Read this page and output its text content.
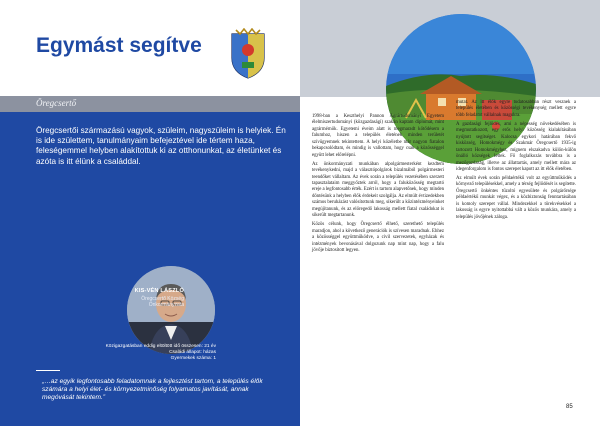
Egymást segítve
Öregcsertő

Öregcsertői származású vagyok, szüleim, nagyszüleim is helyiek. Én is ide születtem, tanulmányaim befejeztével ide tértem haza, feleségemmel helyben alakítottuk ki az otthonunkat, az életünket és azóta is itt élünk a családdal.

KIS-VÉN LÁSZLÓ
Öregcsertő Község
Önkormányzata
Közigazgatásban eddig eltöltött idő összesen: 21 év
Családi állapot: házas
Gyermekek száma: 1

„…az egyik legfontosabb feladatomnak a fejlesztést tartom, a település élők számára a helyi élet- és környezetminőség folyamatos javítását, annak megóvását tekintem.”

1998-ban a Keszthelyi Pannon Agrártudományi Egyetem élelmiszertudományi (közgazdasági) szakán kaptam diplomát, mint agrármérnök. Egyetemi éveim alatt is megmaradt kötődésem a falumhoz, hiszen a település életének minden területét szívügyemnek tekintettem. A helyi közéletbe már nagyon fiatalon bekapcsolódtam, és mindig is vallottam, hogy csak a közösséggel együtt lehet előrelépni.

Az önkormányzati munkában alpolgármesterként kezdtem tevékenykedni, majd a választópolgárok bizalmából polgármesteri teendőket vállaltam. Az évek során a település vezetésében szerzett tapasztalataim meggyőztek arról, hogy a faluközösség megtartó ereje a legfontosabb érték. Ezért is tartom alapvetőnek, hogy minden döntésünk a helyben élők érdekeit szolgálja. Az elmúlt évtizedekben számos beruházást valósítottunk meg, sikerült a közintézményeinket megújítanunk, és az elöregedő lakosság mellett fiatal családokat is sikerült megtartanunk.

Közös célunk, hogy Öregcsertő élhető, szerethető település maradjon, ahol a következő generációk is szívesen maradnak. Ehhez a közösséggel együttműködve, a civil szervezetek, egyházak és intézmények bevonásával dolgozunk nap mint nap, hogy a falu jövője biztosított legyen.

mutat. Az itt élők egyre tudatosabban részt vesznek a település életében és közösségi tevékenység mellett egyre több feladatot vállalnak magukra.

A gazdasági fejlődés, ami a népesség növekedésében is megmutatkozott, egy erős helyi közösség kialakításában nyújtott segítséget. Kalocsa egykori határában fekvő kisközség, Homokmégy és Szakmár Öregcsertő 1935-ig tartozott Homokmégyhez, mígnem elszakadva külön-külön önálló községek lettek. Fő foglalkozás továbbra is a mezőgazdaság, illetve az állattartás, amely mellett mára az idegenforgalom is fontos szerepet kapott az itt élők életében.

Az elmúlt évek során példaértékű volt az együttműködés a környező településekkel, amely a térség fejlődését is segítette. Öregcsertő önkéntes tűzoltó egyesülete és polgárőrsége példaértékű munkát végez, és a közbiztonság fenntartásában is komoly szerepet vállal. Mindezekkel a törekvésekkel a lakosság is egyre nyitottabbá vált a közös munkára, amely a település jövőjének záloga.

85
